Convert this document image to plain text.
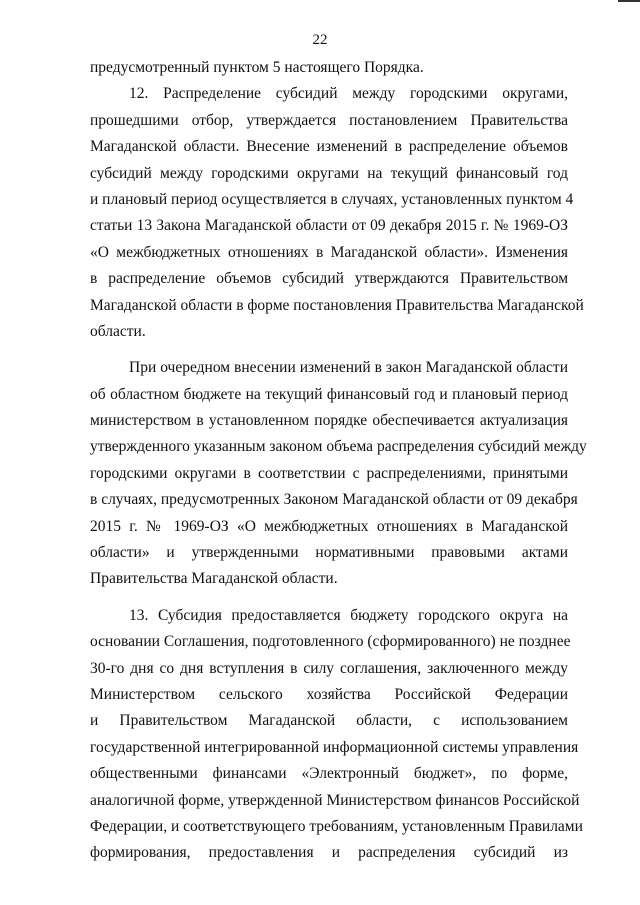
22
предусмотренный пунктом 5 настоящего Порядка.
12. Распределение субсидий между городскими округами,
прошедшими отбор, утверждается постановлением Правительства
Магаданской области. Внесение изменений в распределение объемов
субсидий между городскими округами на текущий финансовый год
и плановый период осуществляется в случаях, установленных пунктом 4
статьи 13 Закона Магаданской области от 09 декабря 2015 г. № 1969-ОЗ
«О межбюджетных отношениях в Магаданской области». Изменения
в распределение объемов субсидий утверждаются Правительством
Магаданской области в форме постановления Правительства Магаданской
области.
При очередном внесении изменений в закон Магаданской области
об областном бюджете на текущий финансовый год и плановый период
министерством в установленном порядке обеспечивается актуализация
утвержденного указанным законом объема распределения субсидий между
городскими округами в соответствии с распределениями, принятыми
в случаях, предусмотренных Законом Магаданской области от 09 декабря
2015 г. № 1969-ОЗ «О межбюджетных отношениях в Магаданской
области» и утвержденными нормативными правовыми актами
Правительства Магаданской области.
13. Субсидия предоставляется бюджету городского округа на
основании Соглашения, подготовленного (сформированного) не позднее
30-го дня со дня вступления в силу соглашения, заключенного между
Министерством сельского хозяйства Российской Федерации
и Правительством Магаданской области, с использованием
государственной интегрированной информационной системы управления
общественными финансами «Электронный бюджет», по форме,
аналогичной форме, утвержденной Министерством финансов Российской
Федерации, и соответствующего требованиям, установленным Правилами
формирования, предоставления и распределения субсидий из
